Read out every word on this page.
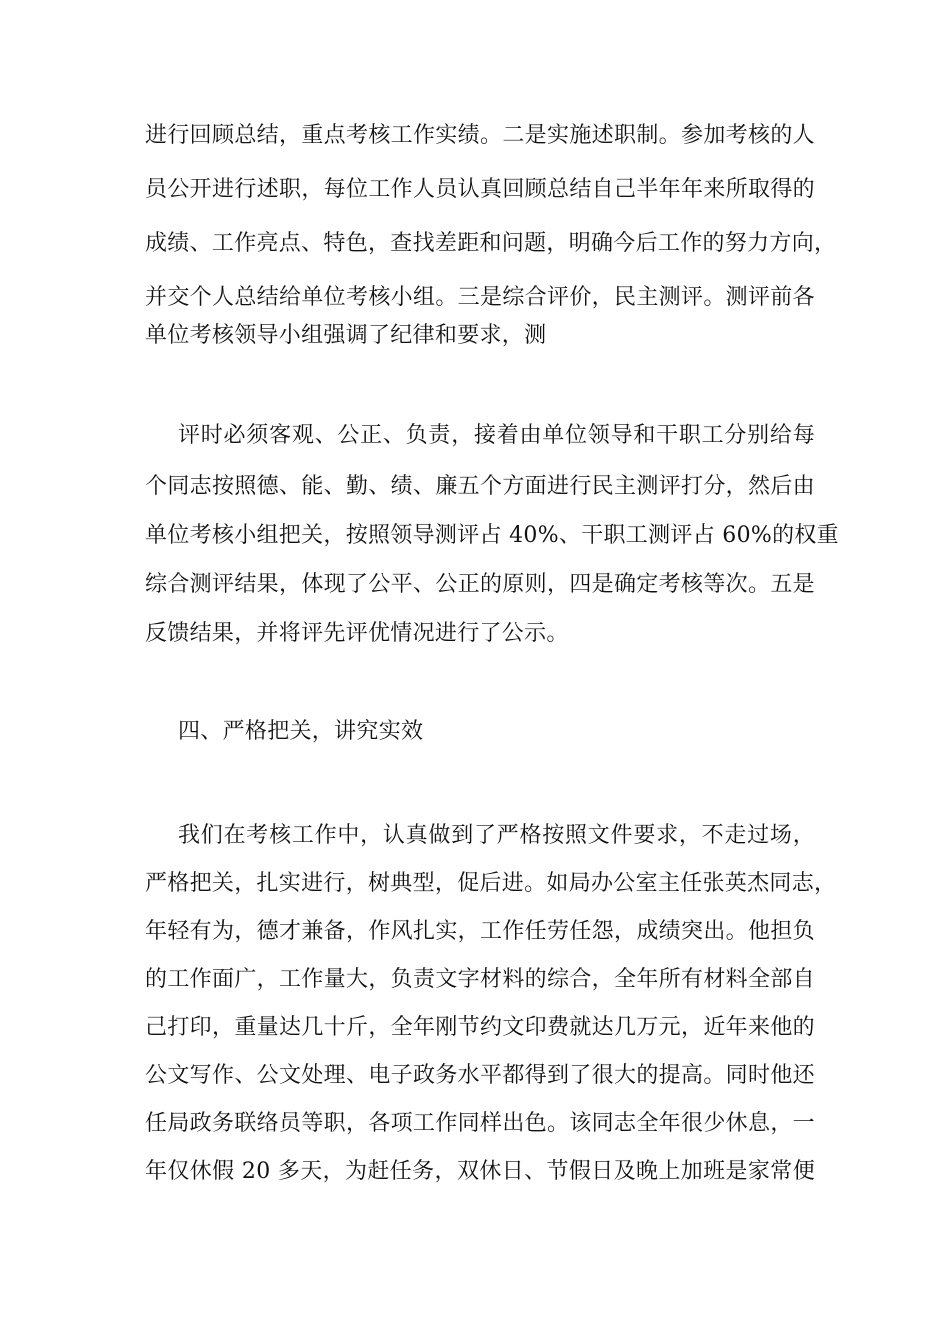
进行回顾总结，重点考核工作实绩。二是实施述职制。参加考核的人
员公开进行述职，每位工作人员认真回顾总结自己半年年来所取得的
成绩、工作亮点、特色，查找差距和问题，明确今后工作的努力方向，
并交个人总结给单位考核小组。三是综合评价，民主测评。测评前各
单位考核领导小组强调了纪律和要求，测
评时必须客观、公正、负责，接着由单位领导和干职工分别给每
个同志按照德、能、勤、绩、廉五个方面进行民主测评打分，然后由
单位考核小组把关，按照领导测评占 40%、干职工测评占 60%的权重
综合测评结果，体现了公平、公正的原则，四是确定考核等次。五是
反馈结果，并将评先评优情况进行了公示。
四、严格把关，讲究实效
我们在考核工作中，认真做到了严格按照文件要求，不走过场，
严格把关，扎实进行，树典型，促后进。如局办公室主任张英杰同志，
年轻有为，德才兼备，作风扎实，工作任劳任怨，成绩突出。他担负
的工作面广，工作量大，负责文字材料的综合，全年所有材料全部自
己打印，重量达几十斤，全年刚节约文印费就达几万元，近年来他的
公文写作、公文处理、电子政务水平都得到了很大的提高。同时他还
任局政务联络员等职，各项工作同样出色。该同志全年很少休息，一
年仅休假 20 多天，为赶任务，双休日、节假日及晚上加班是家常便
